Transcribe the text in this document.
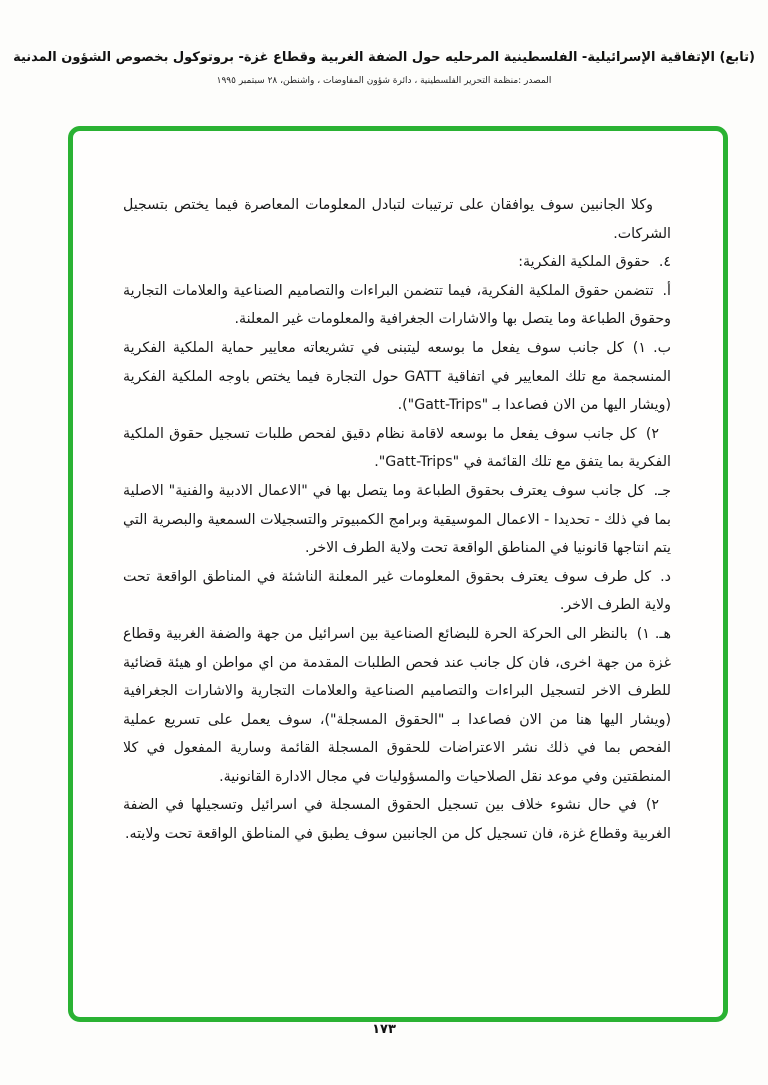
(تابع) الإتفاقية الإسرائيلية- الفلسطينية المرحليه حول الضفة الغربية وقطاع غزة- بروتوكول بخصوص الشؤون المدنية
المصدر :منظمة التحرير الفلسطينية ، دائرة شؤون المفاوضات ، واشنطن، ٢٨ سبتمبر ١٩٩٥

وكلا الجانبين سوف يوافقان على ترتيبات لتبادل المعلومات المعاصرة فيما يختص بتسجيل الشركات.

٤.حقوق الملكية الفكرية:

أ.تتضمن حقوق الملكية الفكرية، فيما تتضمن البراءات والتصاميم الصناعية والعلامات التجارية وحقوق الطباعة وما يتصل بها والاشارات الجغرافية والمعلومات غير المعلنة.

ب. ١)كل جانب سوف يفعل ما بوسعه ليتبنى في تشريعاته معايير حماية الملكية الفكرية المنسجمة مع تلك المعايير في اتفاقية GATT حول التجارة فيما يختص باوجه الملكية الفكرية (ويشار اليها من الان فصاعدا بـ "Gatt-Trips").

٢)كل جانب سوف يفعل ما بوسعه لاقامة نظام دقيق لفحص طلبات تسجيل حقوق الملكية الفكرية بما يتفق مع تلك القائمة في "Gatt-Trips".

جـ.كل جانب سوف يعترف بحقوق الطباعة وما يتصل بها في "الاعمال الادبية والفنية" الاصلية بما في ذلك - تحديدا - الاعمال الموسيقية وبرامج الكمبيوتر والتسجيلات السمعية والبصرية التي يتم انتاجها قانونيا في المناطق الواقعة تحت ولاية الطرف الاخر.

د.كل طرف سوف يعترف بحقوق المعلومات غير المعلنة الناشئة في المناطق الواقعة تحت ولاية الطرف الاخر.

هـ. ١)بالنظر الى الحركة الحرة للبضائع الصناعية بين اسرائيل من جهة والضفة الغربية وقطاع غزة من جهة اخرى، فان كل جانب عند فحص الطلبات المقدمة من اي مواطن او هيئة قضائية للطرف الاخر لتسجيل البراءات والتصاميم الصناعية والعلامات التجارية والاشارات الجغرافية (ويشار اليها هنا من الان فصاعدا بـ "الحقوق المسجلة")، سوف يعمل على تسريع عملية الفحص بما في ذلك نشر الاعتراضات للحقوق المسجلة القائمة وسارية المفعول في كلا المنطقتين وفي موعد نقل الصلاحيات والمسؤوليات في مجال الادارة القانونية.

٢)في حال نشوء خلاف بين تسجيل الحقوق المسجلة في اسرائيل وتسجيلها في الضفة الغربية وقطاع غزة، فان تسجيل كل من الجانبين سوف يطبق في المناطق الواقعة تحت ولايته.

١٧٣
